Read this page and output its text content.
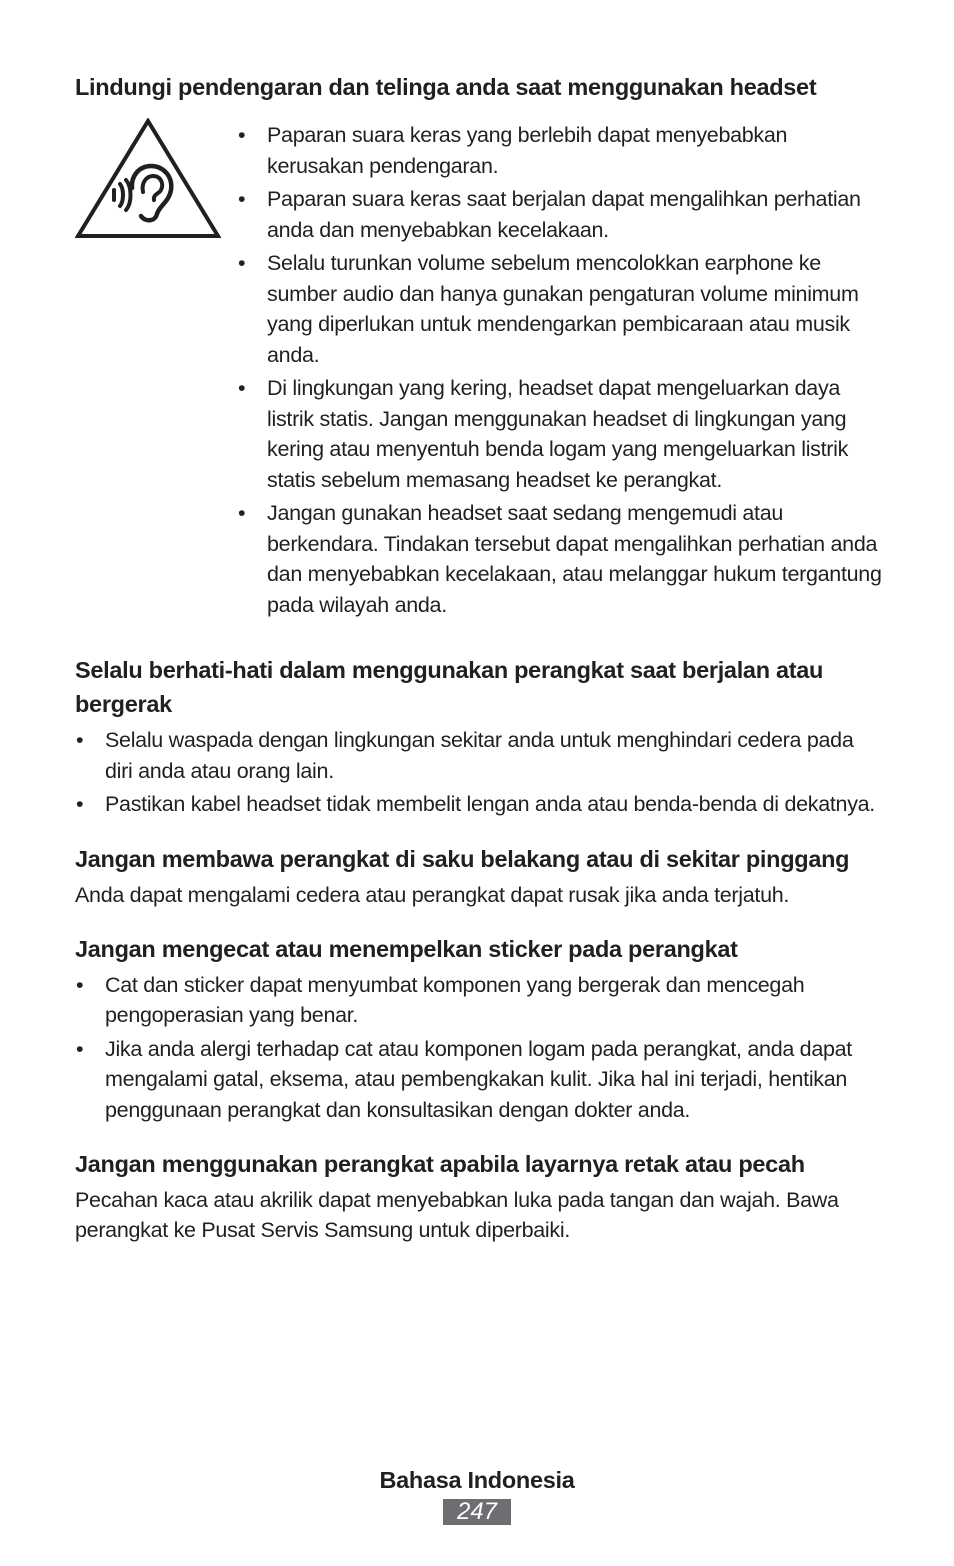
Lindungi pendengaran dan telinga anda saat menggunakan headset
• Paparan suara keras yang berlebih dapat menyebabkan kerusakan pendengaran.
• Paparan suara keras saat berjalan dapat mengalihkan perhatian anda dan menyebabkan kecelakaan.
• Selalu turunkan volume sebelum mencolokkan earphone ke sumber audio dan hanya gunakan pengaturan volume minimum yang diperlukan untuk mendengarkan pembicaraan atau musik anda.
• Di lingkungan yang kering, headset dapat mengeluarkan daya listrik statis. Jangan menggunakan headset di lingkungan yang kering atau menyentuh benda logam yang mengeluarkan listrik statis sebelum memasang headset ke perangkat.
• Jangan gunakan headset saat sedang mengemudi atau berkendara. Tindakan tersebut dapat mengalihkan perhatian anda dan menyebabkan kecelakaan, atau melanggar hukum tergantung pada wilayah anda.
Selalu berhati-hati dalam menggunakan perangkat saat berjalan atau bergerak
• Selalu waspada dengan lingkungan sekitar anda untuk menghindari cedera pada diri anda atau orang lain.
• Pastikan kabel headset tidak membelit lengan anda atau benda-benda di dekatnya.
Jangan membawa perangkat di saku belakang atau di sekitar pinggang

Anda dapat mengalami cedera atau perangkat dapat rusak jika anda terjatuh.

Jangan mengecat atau menempelkan sticker pada perangkat
• Cat dan sticker dapat menyumbat komponen yang bergerak dan mencegah pengoperasian yang benar.
• Jika anda alergi terhadap cat atau komponen logam pada perangkat, anda dapat mengalami gatal, eksema, atau pembengkakan kulit. Jika hal ini terjadi, hentikan penggunaan perangkat dan konsultasikan dengan dokter anda.
Jangan menggunakan perangkat apabila layarnya retak atau pecah

Pecahan kaca atau akrilik dapat menyebabkan luka pada tangan dan wajah. Bawa perangkat ke Pusat Servis Samsung untuk diperbaiki.

Bahasa Indonesia
247
